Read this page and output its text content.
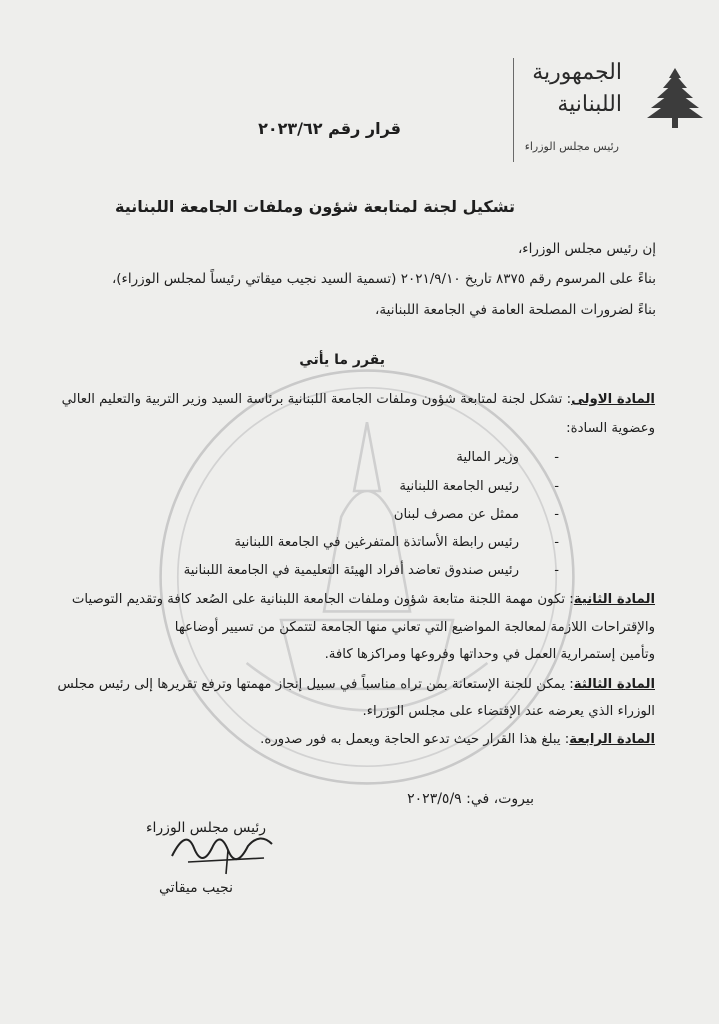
الجمهورية
اللبنانية
رئيس مجلس الوزراء
قرار رقم ٢٠٢٣/٦٢
تشكيل لجنة لمتابعة شؤون وملفات الجامعة اللبنانية
إن رئيس مجلس الوزراء،
بناءً على المرسوم رقم ٨٣٧٥ تاريخ ٢٠٢١/٩/١٠ (تسمية السيد نجيب ميقاتي رئيساً لمجلس الوزراء)،
بناءً لضرورات المصلحة العامة في الجامعة اللبنانية،
يقرر ما يأتي
المادة الاولى: تشكل لجنة لمتابعة شؤون وملفات الجامعة اللبنانية برئاسة السيد وزير التربية والتعليم العالي
وعضوية السادة:
-وزير المالية
-رئيس الجامعة اللبنانية
-ممثل عن مصرف لبنان
-رئيس رابطة الأساتذة المتفرغين في الجامعة اللبنانية
-رئيس صندوق تعاضد أفراد الهيئة التعليمية في الجامعة اللبنانية
المادة الثانية: تكون مهمة اللجنة متابعة شؤون وملفات الجامعة اللبنانية على الصُعد كافة وتقديم التوصيات
والإقتراحات اللازمة لمعالجة المواضيع التي تعاني منها الجامعة لتتمكن من تسيير أوضاعها
وتأمين إستمرارية العمل في وحداتها وفروعها ومراكزها كافة.
المادة الثالثة: يمكن للجنة الإستعانة بمن تراه مناسباً في سبيل إنجاز مهمتها وترفع تقريرها إلى رئيس مجلس
الوزراء الذي يعرضه عند الإقتضاء على مجلس الوزراء.
المادة الرابعة: يبلغ هذا القرار حيث تدعو الحاجة ويعمل به فور صدوره.
بيروت، في: ٢٠٢٣/٥/٩
رئيس مجلس الوزراء
نجيب ميقاتي
